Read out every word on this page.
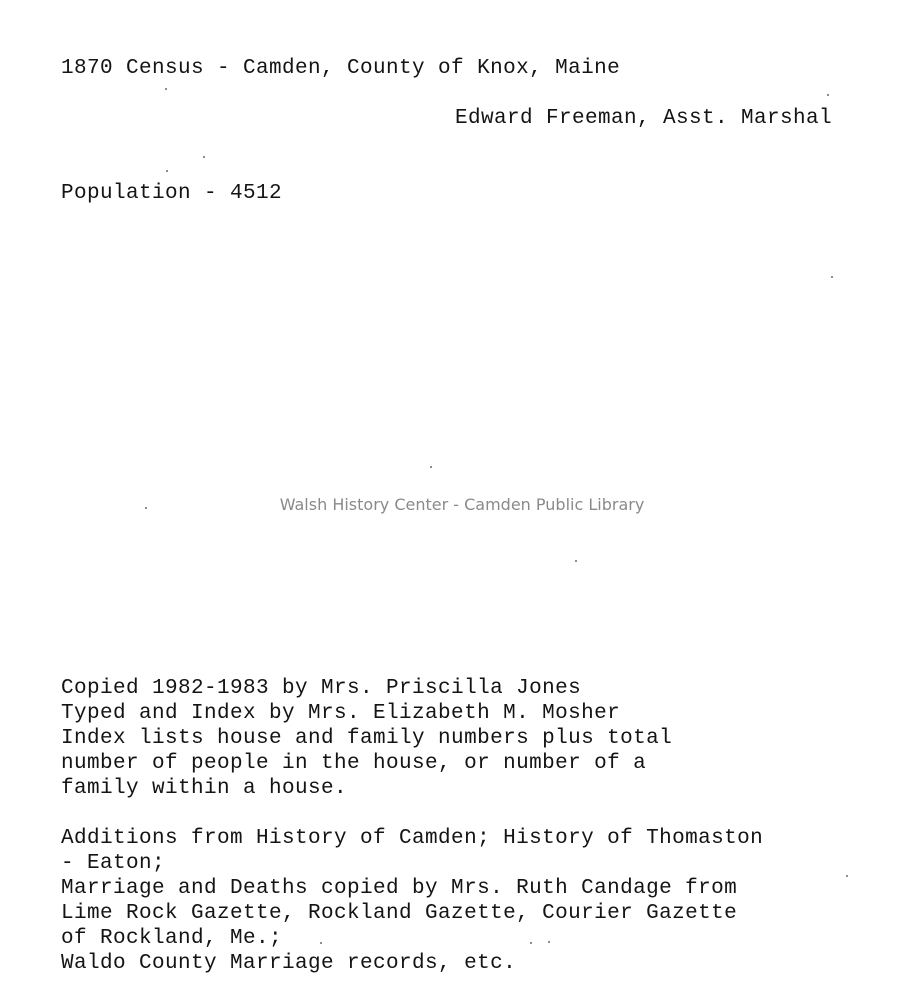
1870 Census - Camden, County of Knox, Maine
Edward Freeman, Asst. Marshal
Population - 4512
Walsh History Center - Camden Public Library
Copied 1982-1983 by Mrs. Priscilla Jones
Typed and Index by Mrs. Elizabeth M. Mosher
Index lists house and family numbers plus total
number of people in the house, or number of a
family within a house.
Additions from History of Camden; History of Thomaston
- Eaton;
Marriage and Deaths copied by Mrs. Ruth Candage from
Lime Rock Gazette, Rockland Gazette, Courier Gazette
of Rockland, Me.;
Waldo County Marriage records, etc.
